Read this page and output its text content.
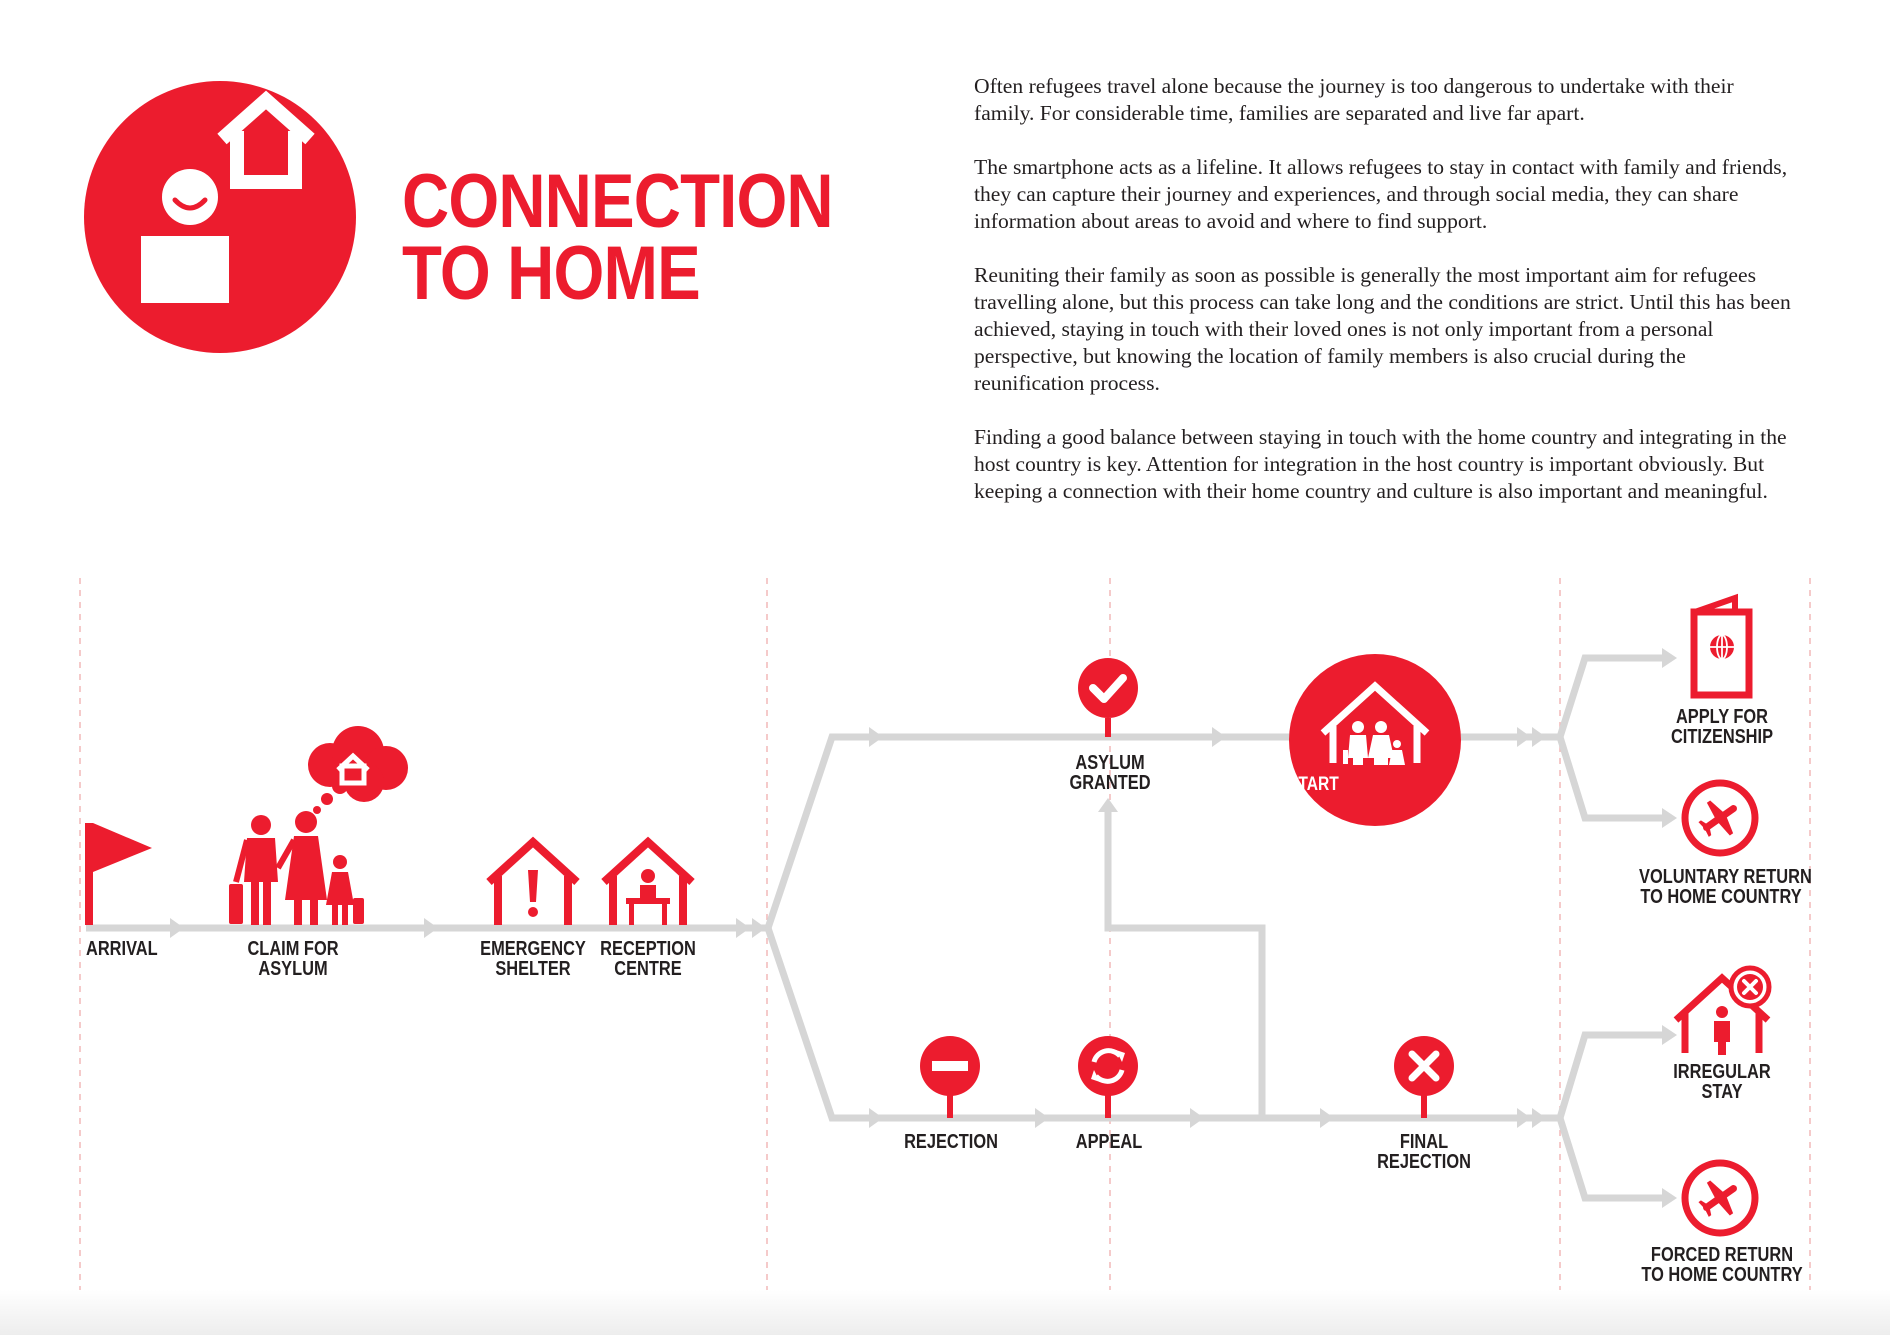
CONNECTION
TO HOME

Often refugees travel alone because the journey is too dangerous to undertake with their family. For considerable time, families are separated and live far apart.

The smartphone acts as a lifeline. It allows refugees to stay in contact with family and friends, they can capture their journey and experiences, and through social media, they can share information about areas to avoid and where to find support.

Reuniting their family as soon as possible is generally the most important aim for refugees travelling alone, but this process can take long and the conditions are strict. Until this has been achieved, staying in touch with their loved ones is not only important from a personal perspective, but knowing the location of family members is also crucial during the reunification process.

Finding a good balance between staying in touch with the home country and integrating in the host country is key. Attention for integration in the host country is important obviously. But keeping a connection with their home country and culture is also important and meaningful.

ARRIVAL	CLAIM FOR
ASYLUM
EMERGENCY
SHELTER
RECEPTION
CENTRE
ASYLUM
GRANTED	NEW START
REJECTION	APPEAL	FINAL
REJECTION
APPLY FOR
CITIZENSHIP
VOLUNTARY RETURN
TO HOME COUNTRY
IRREGULAR
STAY
FORCED RETURN
TO HOME COUNTRY
